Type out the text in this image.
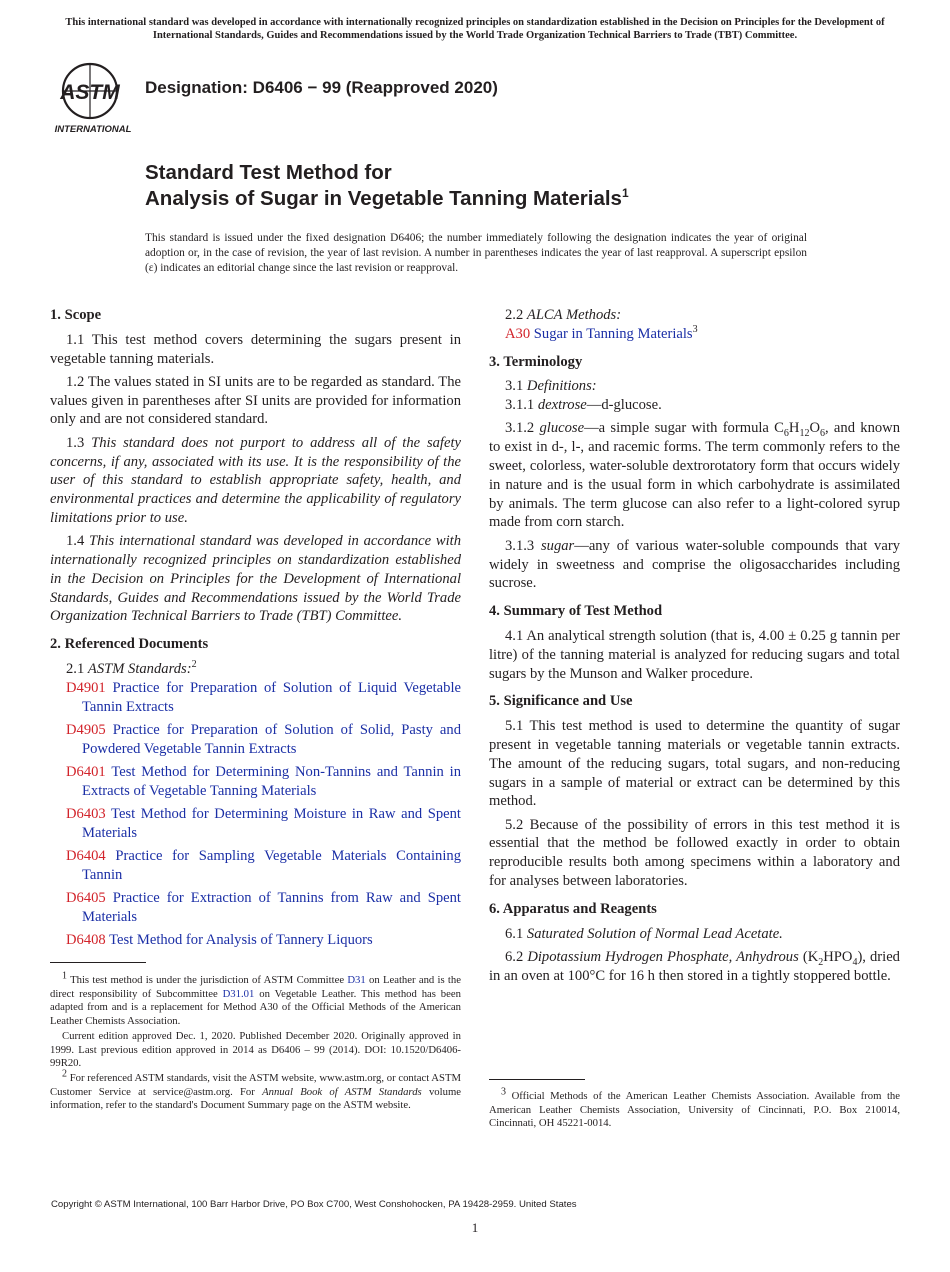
This international standard was developed in accordance with internationally recognized principles on standardization established in the Decision on Principles for the Development of International Standards, Guides and Recommendations issued by the World Trade Organization Technical Barriers to Trade (TBT) Committee.
ASTM
INTERNATIONAL
Designation: D6406 − 99 (Reapproved 2020)
Standard Test Method for
Analysis of Sugar in Vegetable Tanning Materials$^1$
This standard is issued under the fixed designation D6406; the number immediately following the designation indicates the year of original adoption or, in the case of revision, the year of last revision. A number in parentheses indicates the year of last reapproval. A superscript epsilon (ε) indicates an editorial change since the last revision or reapproval.
1. Scope

1.1 This test method covers determining the sugars present in vegetable tanning materials.

1.2 The values stated in SI units are to be regarded as standard. The values given in parentheses after SI units are provided for information only and are not considered standard.

1.3 This standard does not purport to address all of the safety concerns, if any, associated with its use. It is the responsibility of the user of this standard to establish appropriate safety, health, and environmental practices and determine the applicability of regulatory limitations prior to use.

1.4 This international standard was developed in accordance with internationally recognized principles on standardization established in the Decision on Principles for the Development of International Standards, Guides and Recommendations issued by the World Trade Organization Technical Barriers to Trade (TBT) Committee.

2. Referenced Documents

2.1 ASTM Standards:$^2$

D4901 Practice for Preparation of Solution of Liquid Vegetable Tannin Extracts

D4905 Practice for Preparation of Solution of Solid, Pasty and Powdered Vegetable Tannin Extracts

D6401 Test Method for Determining Non-Tannins and Tannin in Extracts of Vegetable Tanning Materials

D6403 Test Method for Determining Moisture in Raw and Spent Materials

D6404 Practice for Sampling Vegetable Materials Containing Tannin

D6405 Practice for Extraction of Tannins from Raw and Spent Materials

D6408 Test Method for Analysis of Tannery Liquors

$^1$ This test method is under the jurisdiction of ASTM Committee D31 on Leather and is the direct responsibility of Subcommittee D31.01 on Vegetable Leather. This method has been adapted from and is a replacement for Method A30 of the Official Methods of the American Leather Chemists Association.

Current edition approved Dec. 1, 2020. Published December 2020. Originally approved in 1999. Last previous edition approved in 2014 as D6406 – 99 (2014). DOI: 10.1520/D6406-99R20.

$^2$ For referenced ASTM standards, visit the ASTM website, www.astm.org, or contact ASTM Customer Service at service@astm.org. For Annual Book of ASTM Standards volume information, refer to the standard's Document Summary page on the ASTM website.

2.2 ALCA Methods:

A30 Sugar in Tanning Materials$^3$

3. Terminology

3.1 Definitions:

3.1.1 dextrose—d-glucose.

3.1.2 glucose—a simple sugar with formula $C_6H_{12}O_6$, and known to exist in d-, l-, and racemic forms. The term commonly refers to the sweet, colorless, water-soluble dextrorotatory form that occurs widely in nature and is the usual form in which carbohydrate is assimilated by animals. The term glucose can also refer to a light-colored syrup made from corn starch.

3.1.3 sugar—any of various water-soluble compounds that vary widely in sweetness and comprise the oligosaccharides including sucrose.

4. Summary of Test Method

4.1 An analytical strength solution (that is, 4.00 ± 0.25 g tannin per litre) of the tanning material is analyzed for reducing sugars and total sugars by the Munson and Walker procedure.

5. Significance and Use

5.1 This test method is used to determine the quantity of sugar present in vegetable tanning materials or vegetable tannin extracts. The amount of the reducing sugars, total sugars, and non-reducing sugars in a sample of material or extract can be determined by this method.

5.2 Because of the possibility of errors in this test method it is essential that the method be followed exactly in order to obtain reproducible results both among specimens within a laboratory and for analyses between laboratories.

6. Apparatus and Reagents

6.1 Saturated Solution of Normal Lead Acetate.

6.2 Dipotassium Hydrogen Phosphate, Anhydrous $(K_2HPO_4)$, dried in an oven at 100°C for 16 h then stored in a tightly stoppered bottle.

$^3$ Official Methods of the American Leather Chemists Association. Available from the American Leather Chemists Association, University of Cincinnati, P.O. Box 210014, Cincinnati, OH 45221-0014.

Copyright © ASTM International, 100 Barr Harbor Drive, PO Box C700, West Conshohocken, PA 19428-2959. United States
1
